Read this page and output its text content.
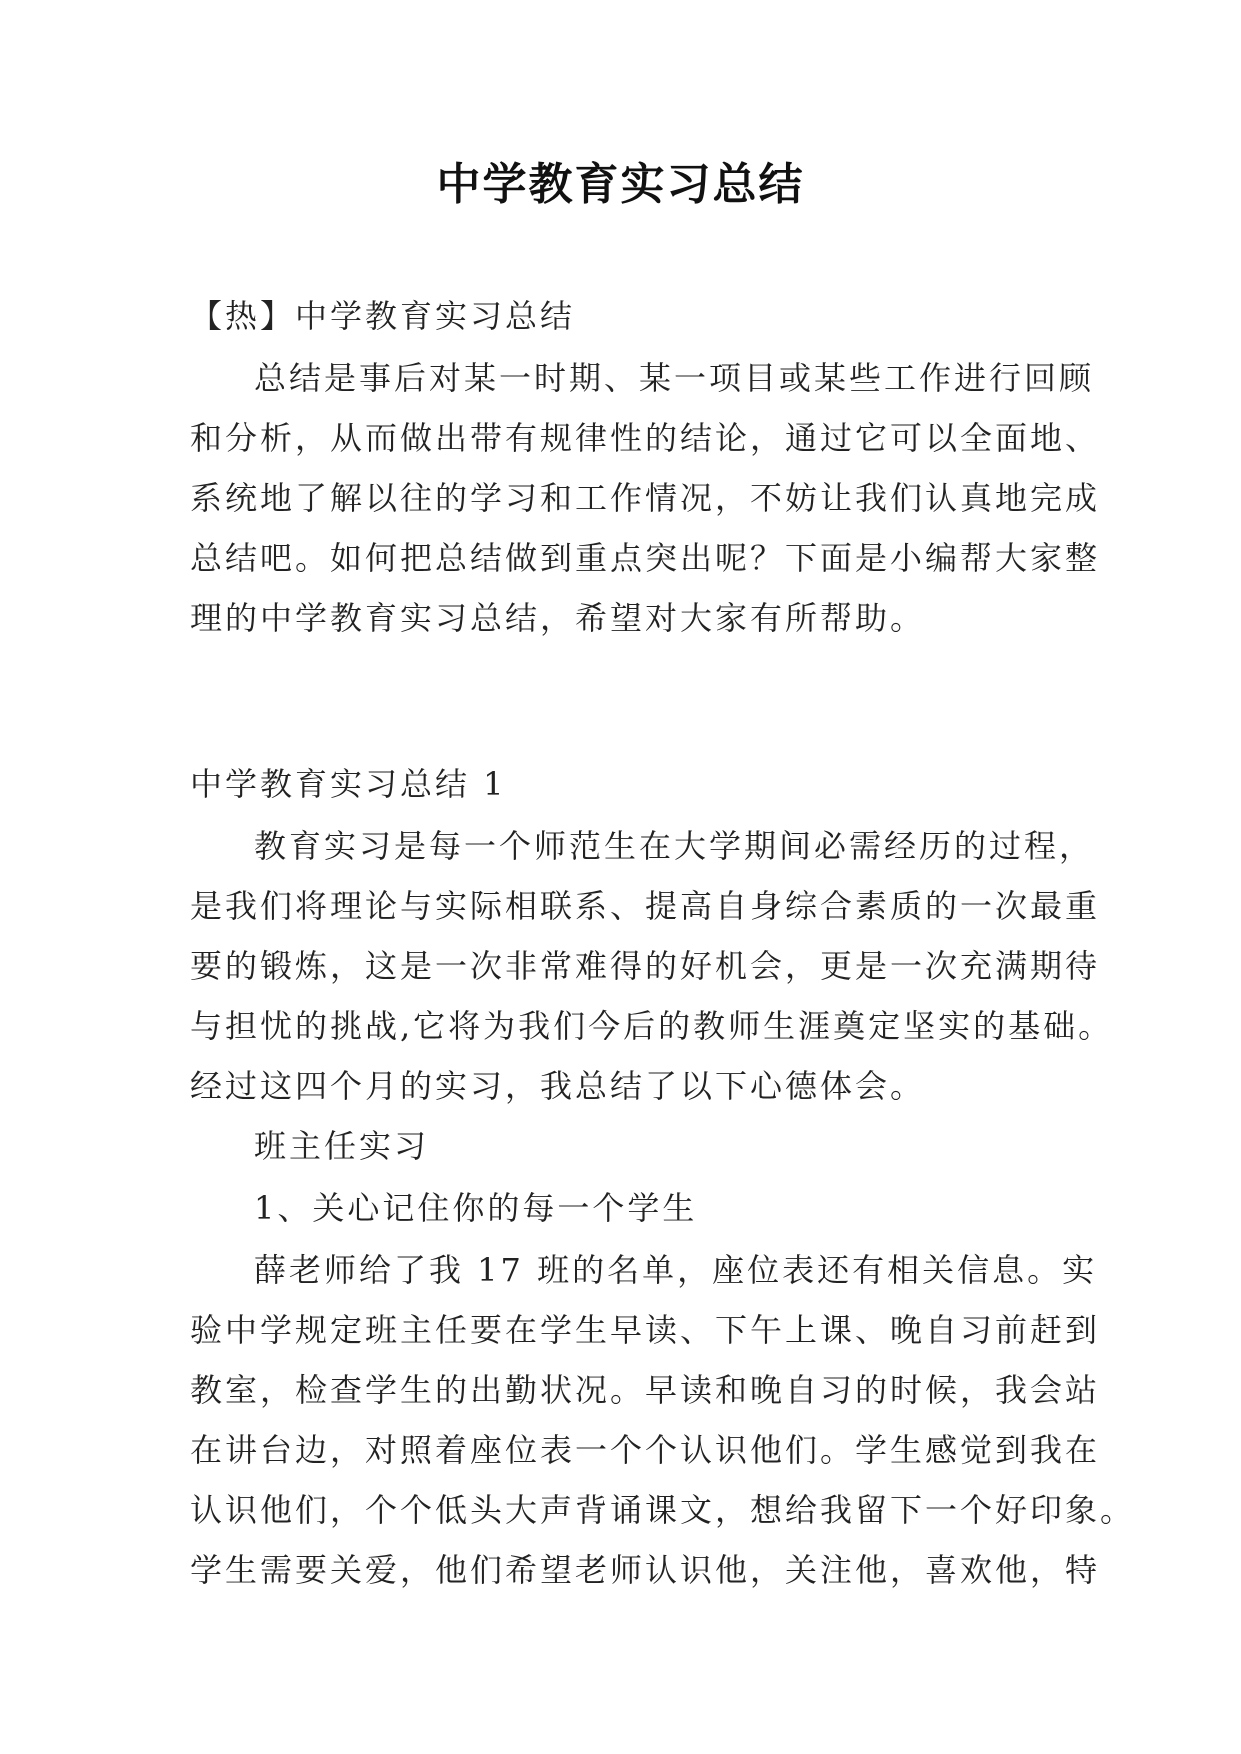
中学教育实习总结
【热】中学教育实习总结
总结是事后对某一时期、某一项目或某些工作进行回顾
和分析，从而做出带有规律性的结论，通过它可以全面地、
系统地了解以往的学习和工作情况，不妨让我们认真地完成
总结吧。如何把总结做到重点突出呢？下面是小编帮大家整
理的中学教育实习总结，希望对大家有所帮助。
中学教育实习总结 1
教育实习是每一个师范生在大学期间必需经历的过程，
是我们将理论与实际相联系、提高自身综合素质的一次最重
要的锻炼，这是一次非常难得的好机会，更是一次充满期待
与担忧的挑战,它将为我们今后的教师生涯奠定坚实的基础。
经过这四个月的实习，我总结了以下心德体会。
班主任实习
1、关心记住你的每一个学生
薛老师给了我 17 班的名单，座位表还有相关信息。实
验中学规定班主任要在学生早读、下午上课、晚自习前赶到
教室，检查学生的出勤状况。早读和晚自习的时候，我会站
在讲台边，对照着座位表一个个认识他们。学生感觉到我在
认识他们，个个低头大声背诵课文，想给我留下一个好印象。
学生需要关爱，他们希望老师认识他，关注他，喜欢他，特
